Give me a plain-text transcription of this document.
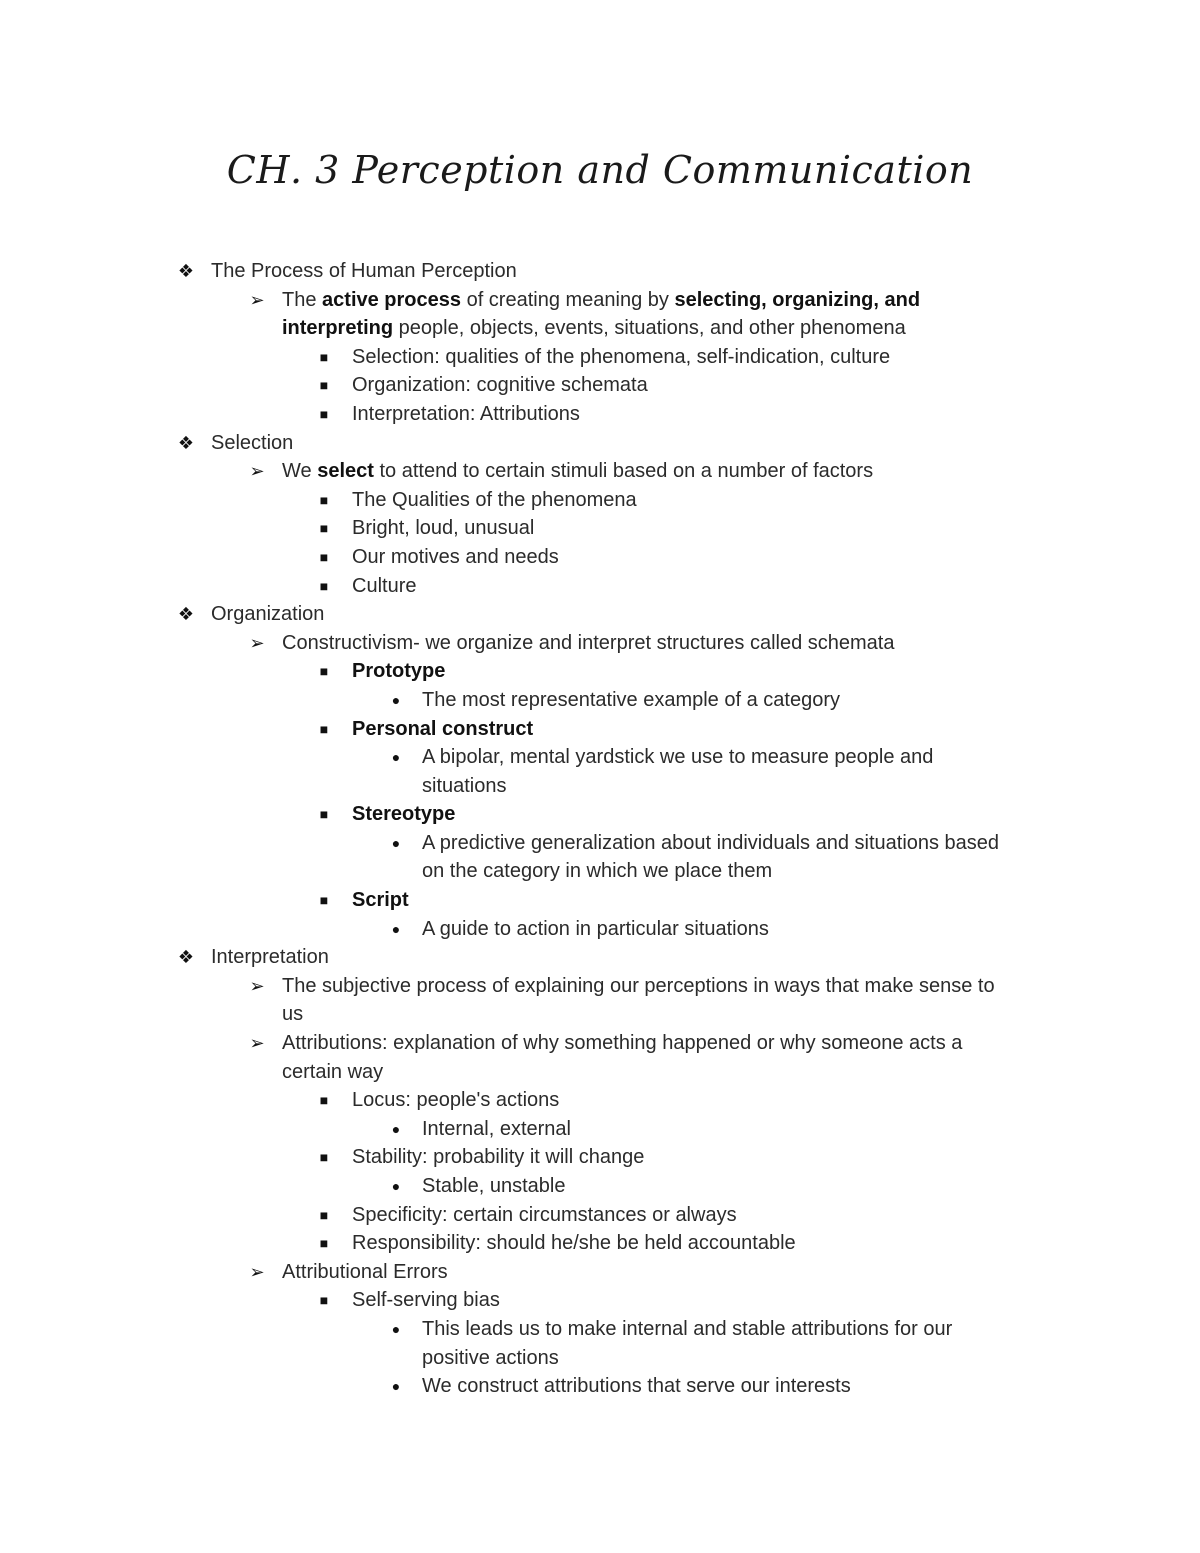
CH. 3 Perception and Communication
❖ The Process of Human Perception
➢ The active process of creating meaning by selecting, organizing, and
interpreting people, objects, events, situations, and other phenomena
■	Selection: qualities of the phenomena, self-indication, culture
■	Organization: cognitive schemata
■	Interpretation: Attributions
❖ Selection
➢ We select to attend to certain stimuli based on a number of factors
■	The Qualities of the phenomena
■	Bright, loud, unusual
■	Our motives and needs
■	Culture
❖ Organization
➢ Constructivism- we organize and interpret structures called schemata
■	Prototype
●	The most representative example of a category
■	Personal construct
●	A bipolar, mental yardstick we use to measure people and
situations
■	Stereotype
●	A predictive generalization about individuals and situations based
on the category in which we place them
■	Script
●	A guide to action in particular situations
❖ Interpretation
➢ The subjective process of explaining our perceptions in ways that make sense to
us
➢ Attributions: explanation of why something happened or why someone acts a
certain way
■	Locus: people's actions
●	Internal, external
■	Stability: probability it will change
●	Stable, unstable
■	Specificity: certain circumstances or always
■	Responsibility: should he/she be held accountable
➢ Attributional Errors
■	Self-serving bias
●	This leads us to make internal and stable attributions for our
positive actions
●	We construct attributions that serve our interests
